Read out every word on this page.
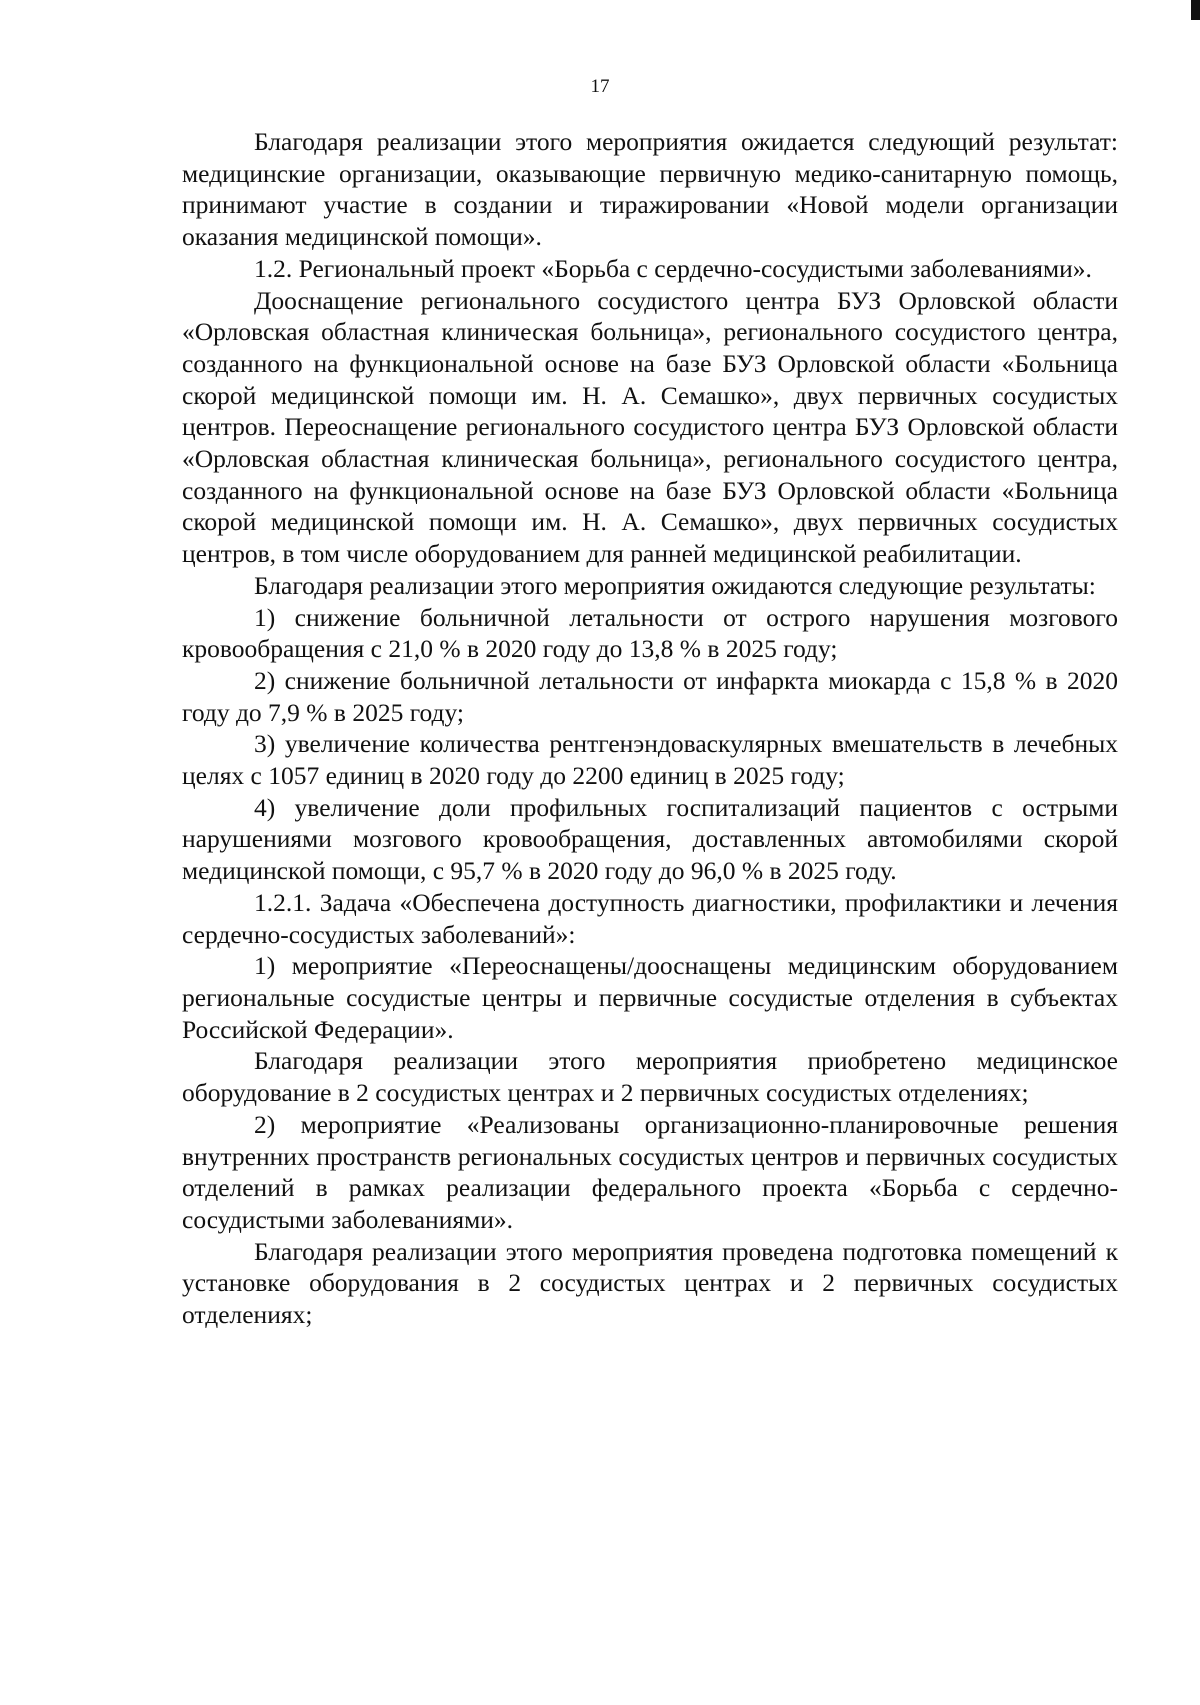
17

Благодаря реализации этого мероприятия ожидается следующий результат: медицинские организации, оказывающие первичную медико-санитарную помощь, принимают участие в создании и тиражировании «Новой модели организации оказания медицинской помощи».

1.2. Региональный проект «Борьба с сердечно-сосудистыми заболеваниями».

Дооснащение регионального сосудистого центра БУЗ Орловской области «Орловская областная клиническая больница», регионального сосудистого центра, созданного на функциональной основе на базе БУЗ Орловской области «Больница скорой медицинской помощи им. Н. А. Семашко», двух первичных сосудистых центров. Переоснащение регионального сосудистого центра БУЗ Орловской области «Орловская областная клиническая больница», регионального сосудистого центра, созданного на функциональной основе на базе БУЗ Орловской области «Больница скорой медицинской помощи им. Н. А. Семашко», двух первичных сосудистых центров, в том числе оборудованием для ранней медицинской реабилитации.

Благодаря реализации этого мероприятия ожидаются следующие результаты:

1) снижение больничной летальности от острого нарушения мозгового кровообращения с 21,0 % в 2020 году до 13,8 % в 2025 году;

2) снижение больничной летальности от инфаркта миокарда с 15,8 % в 2020 году до 7,9 % в 2025 году;

3) увеличение количества рентгенэндоваскулярных вмешательств в лечебных целях с 1057 единиц в 2020 году до 2200 единиц в 2025 году;

4) увеличение доли профильных госпитализаций пациентов с острыми нарушениями мозгового кровообращения, доставленных автомобилями скорой медицинской помощи, с 95,7 % в 2020 году до 96,0 % в 2025 году.

1.2.1. Задача «Обеспечена доступность диагностики, профилактики и лечения сердечно-сосудистых заболеваний»:

1) мероприятие «Переоснащены/дооснащены медицинским оборудованием региональные сосудистые центры и первичные сосудистые отделения в субъектах Российской Федерации».

Благодаря реализации этого мероприятия приобретено медицинское оборудование в 2 сосудистых центрах и 2 первичных сосудистых отделениях;

2) мероприятие «Реализованы организационно-планировочные решения внутренних пространств региональных сосудистых центров и первичных сосудистых отделений в рамках реализации федерального проекта «Борьба с сердечно-сосудистыми заболеваниями».

Благодаря реализации этого мероприятия проведена подготовка помещений к установке оборудования в 2 сосудистых центрах и 2 первичных сосудистых отделениях;
